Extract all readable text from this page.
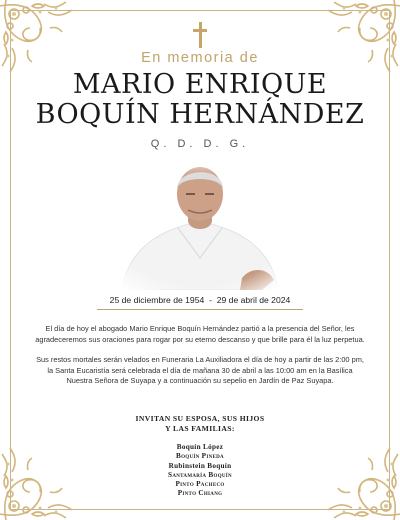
En memoria de
MARIO ENRIQUE
BOQUÍN HERNÁNDEZ
Q. D. D. G.
25 de diciembre de 1954 - 29 de abril de 2024
El día de hoy el abogado Mario Enrique Boquín Hernández partió a la presencia del Señor, les agradeceremos sus oraciones para rogar por su eterno descanso y que brille para él la luz perpetua.
Sus restos mortales serán velados en Funeraria La Auxiliadora el día de hoy a partir de las 2:00 pm, la Santa Eucaristía será celebrada el día de mañana 30 de abril a las 10:00 am en la Basílica Nuestra Señora de Suyapa y a continuación su sepelio en Jardín de Paz Suyapa.
INVITAN SU ESPOSA, SUS HIJOS
Y LAS FAMILIAS:
Boquín López
Boquín Pineda
Rubinstein Boquín
Santamaría Boquín
Pinto Pacheco
Pinto Chiang
